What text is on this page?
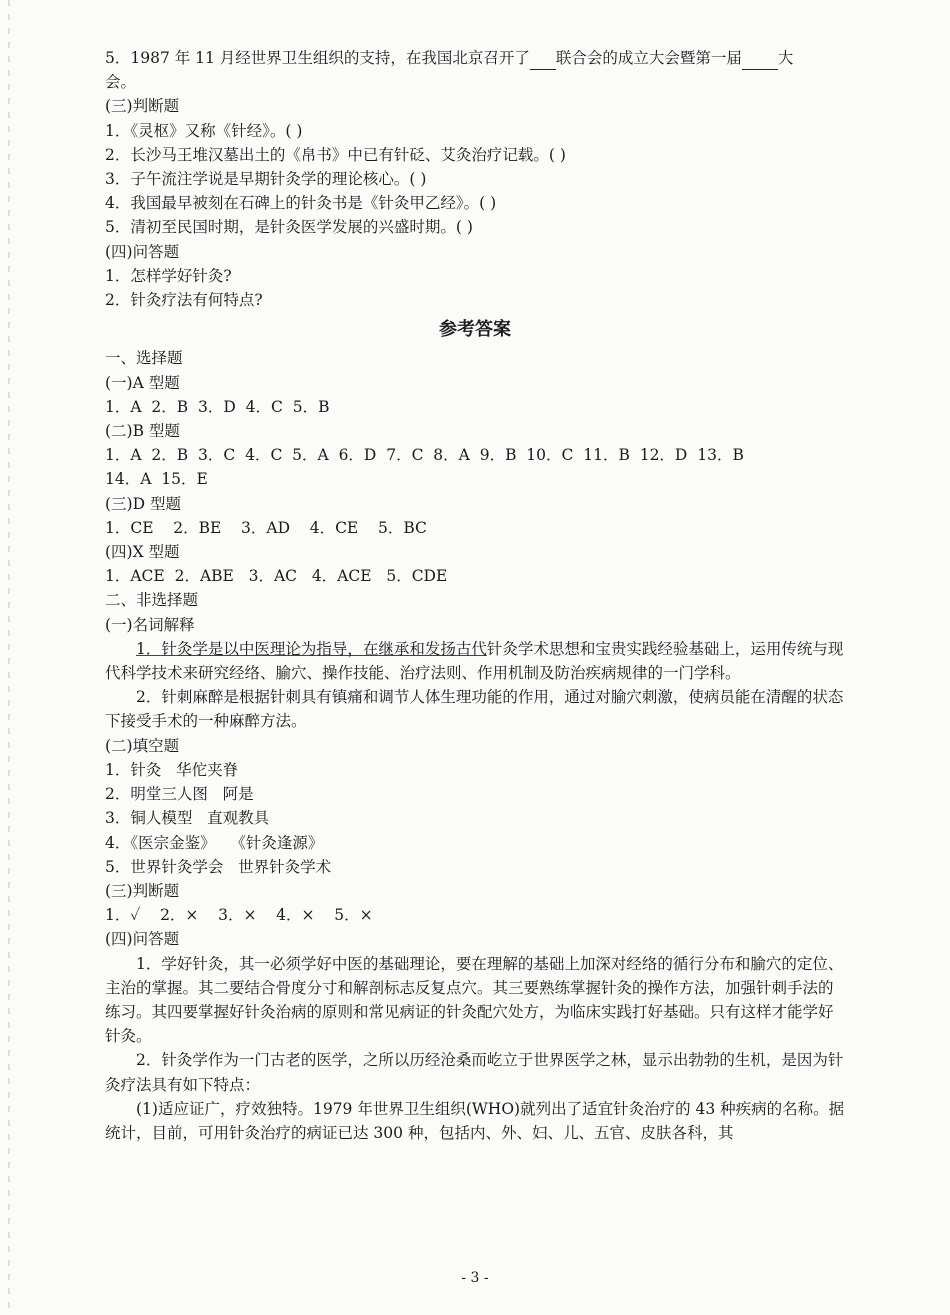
5．1987 年 11 月经世界卫生组织的支持，在我国北京召开了 联合会的成立大会暨第一届 大
会。
(三)判断题
1．《灵枢》又称《针经》。( )
2．长沙马王堆汉墓出土的《帛书》中已有针砭、艾灸治疗记载。( )
3．子午流注学说是早期针灸学的理论核心。( )
4．我国最早被刻在石碑上的针灸书是《针灸甲乙经》。( )
5．清初至民国时期，是针灸医学发展的兴盛时期。( )
(四)问答题
1．怎样学好针灸?
2．针灸疗法有何特点?
参考答案
一、选择题
(一)A 型题
1．A  2．B  3．D  4．C  5．B
(二)B 型题
1．A  2．B  3．C  4．C  5．A  6．D  7．C  8．A  9．B  10．C  11．B  12．D  13．B
14．A  15．E
(三)D 型题
1．CE    2．BE    3．AD    4．CE    5．BC
(四)X 型题
1．ACE  2．ABE   3．AC   4．ACE   5．CDE
二、非选择题
(一)名词解释
1．针灸学是以中医理论为指导，在继承和发扬古代针灸学术思想和宝贵实践经验基础上，运用传统与现代科学技术来研究经络、腧穴、操作技能、治疗法则、作用机制及防治疾病规律的一门学科。
2．针刺麻醉是根据针刺具有镇痛和调节人体生理功能的作用，通过对腧穴刺激，使病员能在清醒的状态下接受手术的一种麻醉方法。
(二)填空题
1．针灸   华佗夹脊
2．明堂三人图   阿是
3．铜人模型   直观教具
4．《医宗金鉴》   《针灸逢源》
5．世界针灸学会   世界针灸学术
(三)判断题
1．✓    2．×    3．×    4．×    5．×
(四)问答题
1．学好针灸，其一必须学好中医的基础理论，要在理解的基础上加深对经络的循行分布和腧穴的定位、主治的掌握。其二要结合骨度分寸和解剖标志反复点穴。其三要熟练掌握针灸的操作方法，加强针刺手法的练习。其四要掌握好针灸治病的原则和常见病证的针灸配穴处方，为临床实践打好基础。只有这样才能学好针灸。
2．针灸学作为一门古老的医学，之所以历经沧桑而屹立于世界医学之林，显示出勃勃的生机，是因为针灸疗法具有如下特点：
(1)适应证广，疗效独特。1979 年世界卫生组织(WHO)就列出了适宜针灸治疗的 43 种疾病的名称。据统计，目前，可用针灸治疗的病证已达 300 种，包括内、外、妇、儿、五官、皮肤各科，其
- 3 -
